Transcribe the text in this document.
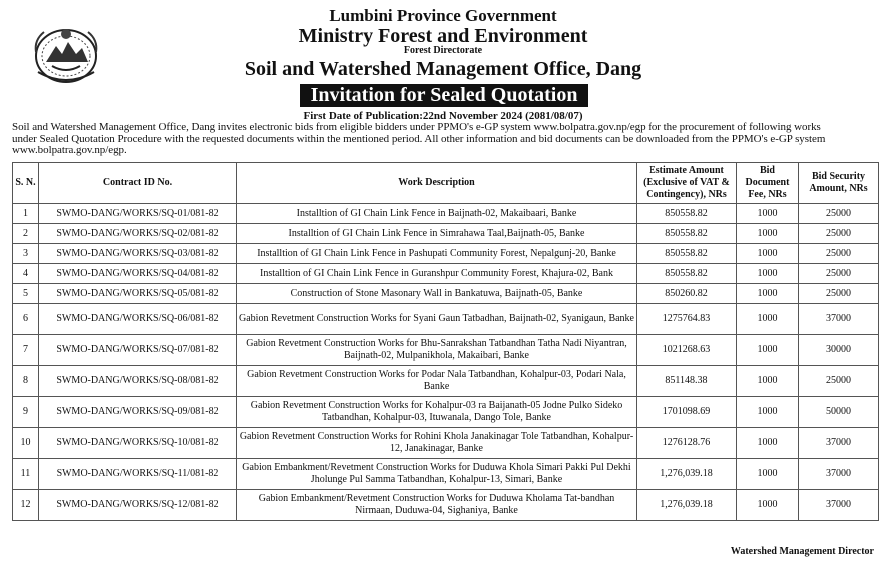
Lumbini Province Government
Ministry Forest and Environment
Forest Directorate
Soil and Watershed Management Office, Dang
Invitation for Sealed Quotation
First Date of Publication:22nd November 2024 (2081/08/07)
Soil and Watershed Management Office, Dang invites electronic bids from eligible bidders under PPMO's e-GP system www.bolpatra.gov.np/egp for the procurement of following works
under Sealed Quotation Procedure with the requested documents within the mentioned period. All other information and bid documents can be downloaded from the PPMO's e-GP system
www.bolpatra.gov.np/egp.
S. N.	Contract ID No.	Work Description	Estimate Amount (Exclusive of VAT & Contingency), NRs	Bid Document Fee, NRs	Bid Security Amount, NRs
1	SWMO-DANG/WORKS/SQ-01/081-82	Installtion of GI Chain Link Fence in Baijnath-02, Makaibaari, Banke	850558.82	1000	25000
2	SWMO-DANG/WORKS/SQ-02/081-82	Installtion of GI Chain Link Fence in Simrahawa Taal,Baijnath-05, Banke	850558.82	1000	25000
3	SWMO-DANG/WORKS/SQ-03/081-82	Installtion of GI Chain Link Fence in Pashupati Community Forest, Nepalgunj-20, Banke	850558.82	1000	25000
4	SWMO-DANG/WORKS/SQ-04/081-82	Installtion of GI Chain Link Fence in Guranshpur Community Forest, Khajura-02, Bank	850558.82	1000	25000
5	SWMO-DANG/WORKS/SQ-05/081-82	Construction of Stone Masonary Wall in Bankatuwa, Baijnath-05, Banke	850260.82	1000	25000
6	SWMO-DANG/WORKS/SQ-06/081-82	Gabion Revetment Construction Works for Syani Gaun Tatbadhan, Baijnath-02, Syanigaun, Banke	1275764.83	1000	37000
7	SWMO-DANG/WORKS/SQ-07/081-82	Gabion Revetment Construction Works for Bhu-Sanrakshan Tatbandhan Tatha Nadi Niyantran, Baijnath-02, Mulpanikhola, Makaibari, Banke	1021268.63	1000	30000
8	SWMO-DANG/WORKS/SQ-08/081-82	Gabion Revetment Construction Works for Podar Nala Tatbandhan, Kohalpur-03, Podari Nala, Banke	851148.38	1000	25000
9	SWMO-DANG/WORKS/SQ-09/081-82	Gabion Revetment Construction Works for Kohalpur-03 ra Baijanath-05 Jodne Pulko Sideko Tatbandhan, Kohalpur-03, Ituwanala, Dango Tole, Banke	1701098.69	1000	50000
10	SWMO-DANG/WORKS/SQ-10/081-82	Gabion Revetment Construction Works for Rohini Khola Janakinagar Tole Tatbandhan, Kohalpur-12, Janakinagar, Banke	1276128.76	1000	37000
11	SWMO-DANG/WORKS/SQ-11/081-82	Gabion Embankment/Revetment Construction Works for Duduwa Khola Simari Pakki Pul Dekhi Jholunge Pul Samma Tatbandhan, Kohalpur-13, Simari, Banke	1,276,039.18	1000	37000
12	SWMO-DANG/WORKS/SQ-12/081-82	Gabion Embankment/Revetment Construction Works for Duduwa Kholama Tat-bandhan Nirmaan, Duduwa-04, Sighaniya, Banke	1,276,039.18	1000	37000
Watershed Management Director
